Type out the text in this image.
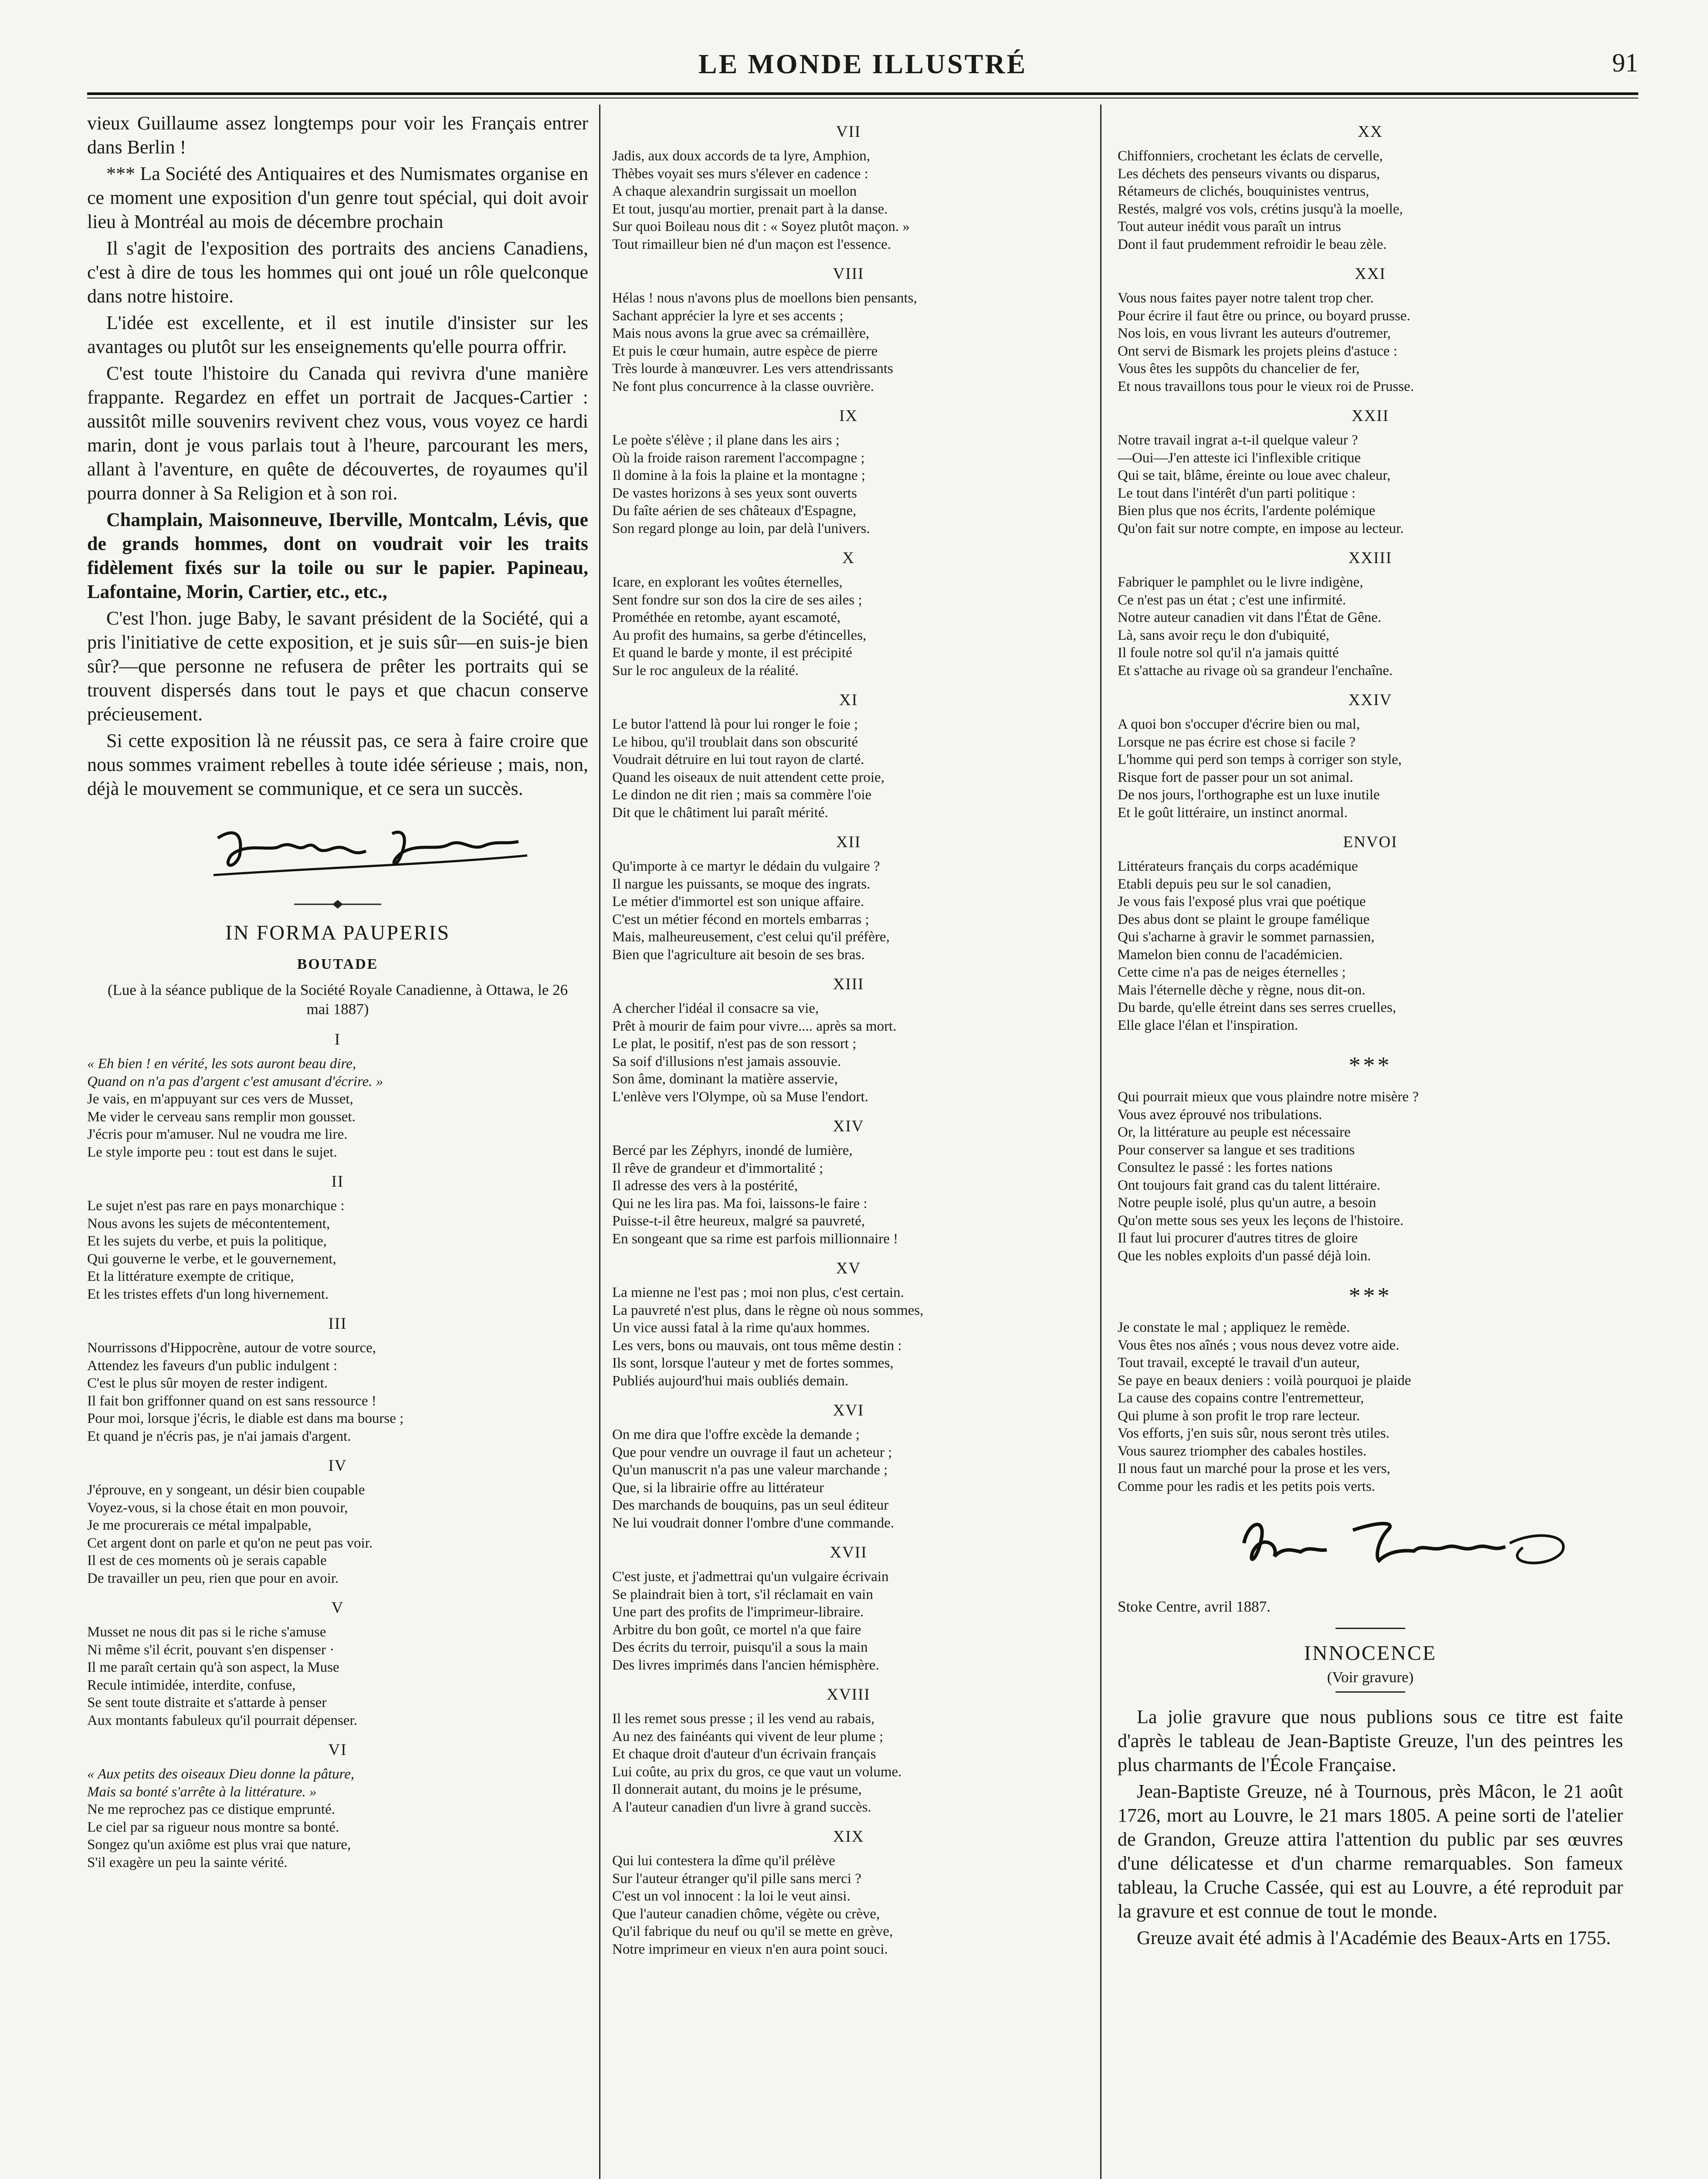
LE MONDE ILLUSTRÉ	91

vieux Guillaume assez longtemps pour voir les Français entrer dans Berlin !

*** La Société des Antiquaires et des Numismates organise en ce moment une exposition d'un genre tout spécial, qui doit avoir lieu à Montréal au mois de décembre prochain

Il s'agit de l'exposition des portraits des anciens Canadiens, c'est à dire de tous les hommes qui ont joué un rôle quelconque dans notre histoire.

L'idée est excellente, et il est inutile d'insister sur les avantages ou plutôt sur les enseignements qu'elle pourra offrir.

C'est toute l'histoire du Canada qui revivra d'une manière frappante. Regardez en effet un portrait de Jacques-Cartier : aussitôt mille souvenirs revivent chez vous, vous voyez ce hardi marin, dont je vous parlais tout à l'heure, parcourant les mers, allant à l'aventure, en quête de découvertes, de royaumes qu'il pourra donner à Sa Religion et à son roi.

Champlain, Maisonneuve, Iberville, Montcalm, Lévis, que de grands hommes, dont on voudrait voir les traits fidèlement fixés sur la toile ou sur le papier. Papineau, Lafontaine, Morin, Cartier, etc., etc.,

C'est l'hon. juge Baby, le savant président de la Société, qui a pris l'initiative de cette exposition, et je suis sûr—en suis-je bien sûr?—que personne ne refusera de prêter les portraits qui se trouvent dispersés dans tout le pays et que chacun conserve précieusement.

Si cette exposition là ne réussit pas, ce sera à faire croire que nous sommes vraiment rebelles à toute idée sérieuse ; mais, non, déjà le mouvement se communique, et ce sera un succès.

IN FORMA PAUPERIS
BOUTADE
(Lue à la séance publique de la Société Royale Canadienne, à Ottawa, le 26 mai 1887)
I
« Eh bien ! en vérité, les sots auront beau dire,
Quand on n'a pas d'argent c'est amusant d'écrire. »
Je vais, en m'appuyant sur ces vers de Musset,
Me vider le cerveau sans remplir mon gousset.
J'écris pour m'amuser. Nul ne voudra me lire.
Le style importe peu : tout est dans le sujet.
II
Le sujet n'est pas rare en pays monarchique :
Nous avons les sujets de mécontentement,
Et les sujets du verbe, et puis la politique,
Qui gouverne le verbe, et le gouvernement,
Et la littérature exempte de critique,
Et les tristes effets d'un long hivernement.
III
Nourrissons d'Hippocrène, autour de votre source,
Attendez les faveurs d'un public indulgent :
C'est le plus sûr moyen de rester indigent.
Il fait bon griffonner quand on est sans ressource !
Pour moi, lorsque j'écris, le diable est dans ma bourse ;
Et quand je n'écris pas, je n'ai jamais d'argent.
IV
J'éprouve, en y songeant, un désir bien coupable
Voyez-vous, si la chose était en mon pouvoir,
Je me procurerais ce métal impalpable,
Cet argent dont on parle et qu'on ne peut pas voir.
Il est de ces moments où je serais capable
De travailler un peu, rien que pour en avoir.
V
Musset ne nous dit pas si le riche s'amuse
Ni même s'il écrit, pouvant s'en dispenser ·
Il me paraît certain qu'à son aspect, la Muse
Recule intimidée, interdite, confuse,
Se sent toute distraite et s'attarde à penser
Aux montants fabuleux qu'il pourrait dépenser.
VI
« Aux petits des oiseaux Dieu donne la pâture,
Mais sa bonté s'arrête à la littérature. »
Ne me reprochez pas ce distique emprunté.
Le ciel par sa rigueur nous montre sa bonté.
Songez qu'un axiôme est plus vrai que nature,
S'il exagère un peu la sainte vérité.
VII
Jadis, aux doux accords de ta lyre, Amphion,
Thèbes voyait ses murs s'élever en cadence :
A chaque alexandrin surgissait un moellon
Et tout, jusqu'au mortier, prenait part à la danse.
Sur quoi Boileau nous dit : « Soyez plutôt maçon. »
Tout rimailleur bien né d'un maçon est l'essence.
VIII
Hélas ! nous n'avons plus de moellons bien pensants,
Sachant apprécier la lyre et ses accents ;
Mais nous avons la grue avec sa crémaillère,
Et puis le cœur humain, autre espèce de pierre
Très lourde à manœuvrer. Les vers attendrissants
Ne font plus concurrence à la classe ouvrière.
IX
Le poète s'élève ; il plane dans les airs ;
Où la froide raison rarement l'accompagne ;
Il domine à la fois la plaine et la montagne ;
De vastes horizons à ses yeux sont ouverts
Du faîte aérien de ses châteaux d'Espagne,
Son regard plonge au loin, par delà l'univers.
X
Icare, en explorant les voûtes éternelles,
Sent fondre sur son dos la cire de ses ailes ;
Prométhée en retombe, ayant escamoté,
Au profit des humains, sa gerbe d'étincelles,
Et quand le barde y monte, il est précipité
Sur le roc anguleux de la réalité.
XI
Le butor l'attend là pour lui ronger le foie ;
Le hibou, qu'il troublait dans son obscurité
Voudrait détruire en lui tout rayon de clarté.
Quand les oiseaux de nuit attendent cette proie,
Le dindon ne dit rien ; mais sa commère l'oie
Dit que le châtiment lui paraît mérité.
XII
Qu'importe à ce martyr le dédain du vulgaire ?
Il nargue les puissants, se moque des ingrats.
Le métier d'immortel est son unique affaire.
C'est un métier fécond en mortels embarras ;
Mais, malheureusement, c'est celui qu'il préfère,
Bien que l'agriculture ait besoin de ses bras.
XIII
A chercher l'idéal il consacre sa vie,
Prêt à mourir de faim pour vivre.... après sa mort.
Le plat, le positif, n'est pas de son ressort ;
Sa soif d'illusions n'est jamais assouvie.
Son âme, dominant la matière asservie,
L'enlève vers l'Olympe, où sa Muse l'endort.
XIV
Bercé par les Zéphyrs, inondé de lumière,
Il rêve de grandeur et d'immortalité ;
Il adresse des vers à la postérité,
Qui ne les lira pas. Ma foi, laissons-le faire :
Puisse-t-il être heureux, malgré sa pauvreté,
En songeant que sa rime est parfois millionnaire !
XV
La mienne ne l'est pas ; moi non plus, c'est certain.
La pauvreté n'est plus, dans le règne où nous sommes,
Un vice aussi fatal à la rime qu'aux hommes.
Les vers, bons ou mauvais, ont tous même destin :
Ils sont, lorsque l'auteur y met de fortes sommes,
Publiés aujourd'hui mais oubliés demain.
XVI
On me dira que l'offre excède la demande ;
Que pour vendre un ouvrage il faut un acheteur ;
Qu'un manuscrit n'a pas une valeur marchande ;
Que, si la librairie offre au littérateur
Des marchands de bouquins, pas un seul éditeur
Ne lui voudrait donner l'ombre d'une commande.
XVII
C'est juste, et j'admettrai qu'un vulgaire écrivain
Se plaindrait bien à tort, s'il réclamait en vain
Une part des profits de l'imprimeur-libraire.
Arbitre du bon goût, ce mortel n'a que faire
Des écrits du terroir, puisqu'il a sous la main
Des livres imprimés dans l'ancien hémisphère.
XVIII
Il les remet sous presse ; il les vend au rabais,
Au nez des fainéants qui vivent de leur plume ;
Et chaque droit d'auteur d'un écrivain français
Lui coûte, au prix du gros, ce que vaut un volume.
Il donnerait autant, du moins je le présume,
A l'auteur canadien d'un livre à grand succès.
XIX
Qui lui contestera la dîme qu'il prélève
Sur l'auteur étranger qu'il pille sans merci ?
C'est un vol innocent : la loi le veut ainsi.
Que l'auteur canadien chôme, végète ou crève,
Qu'il fabrique du neuf ou qu'il se mette en grève,
Notre imprimeur en vieux n'en aura point souci.
XX
Chiffonniers, crochetant les éclats de cervelle,
Les déchets des penseurs vivants ou disparus,
Rétameurs de clichés, bouquinistes ventrus,
Restés, malgré vos vols, crétins jusqu'à la moelle,
Tout auteur inédit vous paraît un intrus
Dont il faut prudemment refroidir le beau zèle.
XXI
Vous nous faites payer notre talent trop cher.
Pour écrire il faut être ou prince, ou boyard prusse.
Nos lois, en vous livrant les auteurs d'outremer,
Ont servi de Bismark les projets pleins d'astuce :
Vous êtes les suppôts du chancelier de fer,
Et nous travaillons tous pour le vieux roi de Prusse.
XXII
Notre travail ingrat a-t-il quelque valeur ?
—Oui—J'en atteste ici l'inflexible critique
Qui se tait, blâme, éreinte ou loue avec chaleur,
Le tout dans l'intérêt d'un parti politique :
Bien plus que nos écrits, l'ardente polémique
Qu'on fait sur notre compte, en impose au lecteur.
XXIII
Fabriquer le pamphlet ou le livre indigène,
Ce n'est pas un état ; c'est une infirmité.
Notre auteur canadien vit dans l'État de Gêne.
Là, sans avoir reçu le don d'ubiquité,
Il foule notre sol qu'il n'a jamais quitté
Et s'attache au rivage où sa grandeur l'enchaîne.
XXIV
A quoi bon s'occuper d'écrire bien ou mal,
Lorsque ne pas écrire est chose si facile ?
L'homme qui perd son temps à corriger son style,
Risque fort de passer pour un sot animal.
De nos jours, l'orthographe est un luxe inutile
Et le goût littéraire, un instinct anormal.
ENVOI
Littérateurs français du corps académique
Etabli depuis peu sur le sol canadien,
Je vous fais l'exposé plus vrai que poétique
Des abus dont se plaint le groupe famélique
Qui s'acharne à gravir le sommet parnassien,
Mamelon bien connu de l'académicien.
Cette cime n'a pas de neiges éternelles ;
Mais l'éternelle dèche y règne, nous dit-on.
Du barde, qu'elle étreint dans ses serres cruelles,
Elle glace l'élan et l'inspiration.
***
Qui pourrait mieux que vous plaindre notre misère ?
Vous avez éprouvé nos tribulations.
Or, la littérature au peuple est nécessaire
Pour conserver sa langue et ses traditions
Consultez le passé : les fortes nations
Ont toujours fait grand cas du talent littéraire.
Notre peuple isolé, plus qu'un autre, a besoin
Qu'on mette sous ses yeux les leçons de l'histoire.
Il faut lui procurer d'autres titres de gloire
Que les nobles exploits d'un passé déjà loin.
***
Je constate le mal ; appliquez le remède.
Vous êtes nos aînés ; vous nous devez votre aide.
Tout travail, excepté le travail d'un auteur,
Se paye en beaux deniers : voilà pourquoi je plaide
La cause des copains contre l'entremetteur,
Qui plume à son profit le trop rare lecteur.
Vos efforts, j'en suis sûr, nous seront très utiles.
Vous saurez triompher des cabales hostiles.
Il nous faut un marché pour la prose et les vers,
Comme pour les radis et les petits pois verts.
Stoke Centre, avril 1887.
INNOCENCE
(Voir gravure)

La jolie gravure que nous publions sous ce titre est faite d'après le tableau de Jean-Baptiste Greuze, l'un des peintres les plus charmants de l'École Française.

Jean-Baptiste Greuze, né à Tournous, près Mâcon, le 21 août 1726, mort au Louvre, le 21 mars 1805. A peine sorti de l'atelier de Grandon, Greuze attira l'attention du public par ses œuvres d'une délicatesse et d'un charme remarquables. Son fameux tableau, la Cruche Cassée, qui est au Louvre, a été reproduit par la gravure et est connue de tout le monde.

Greuze avait été admis à l'Académie des Beaux-Arts en 1755.
